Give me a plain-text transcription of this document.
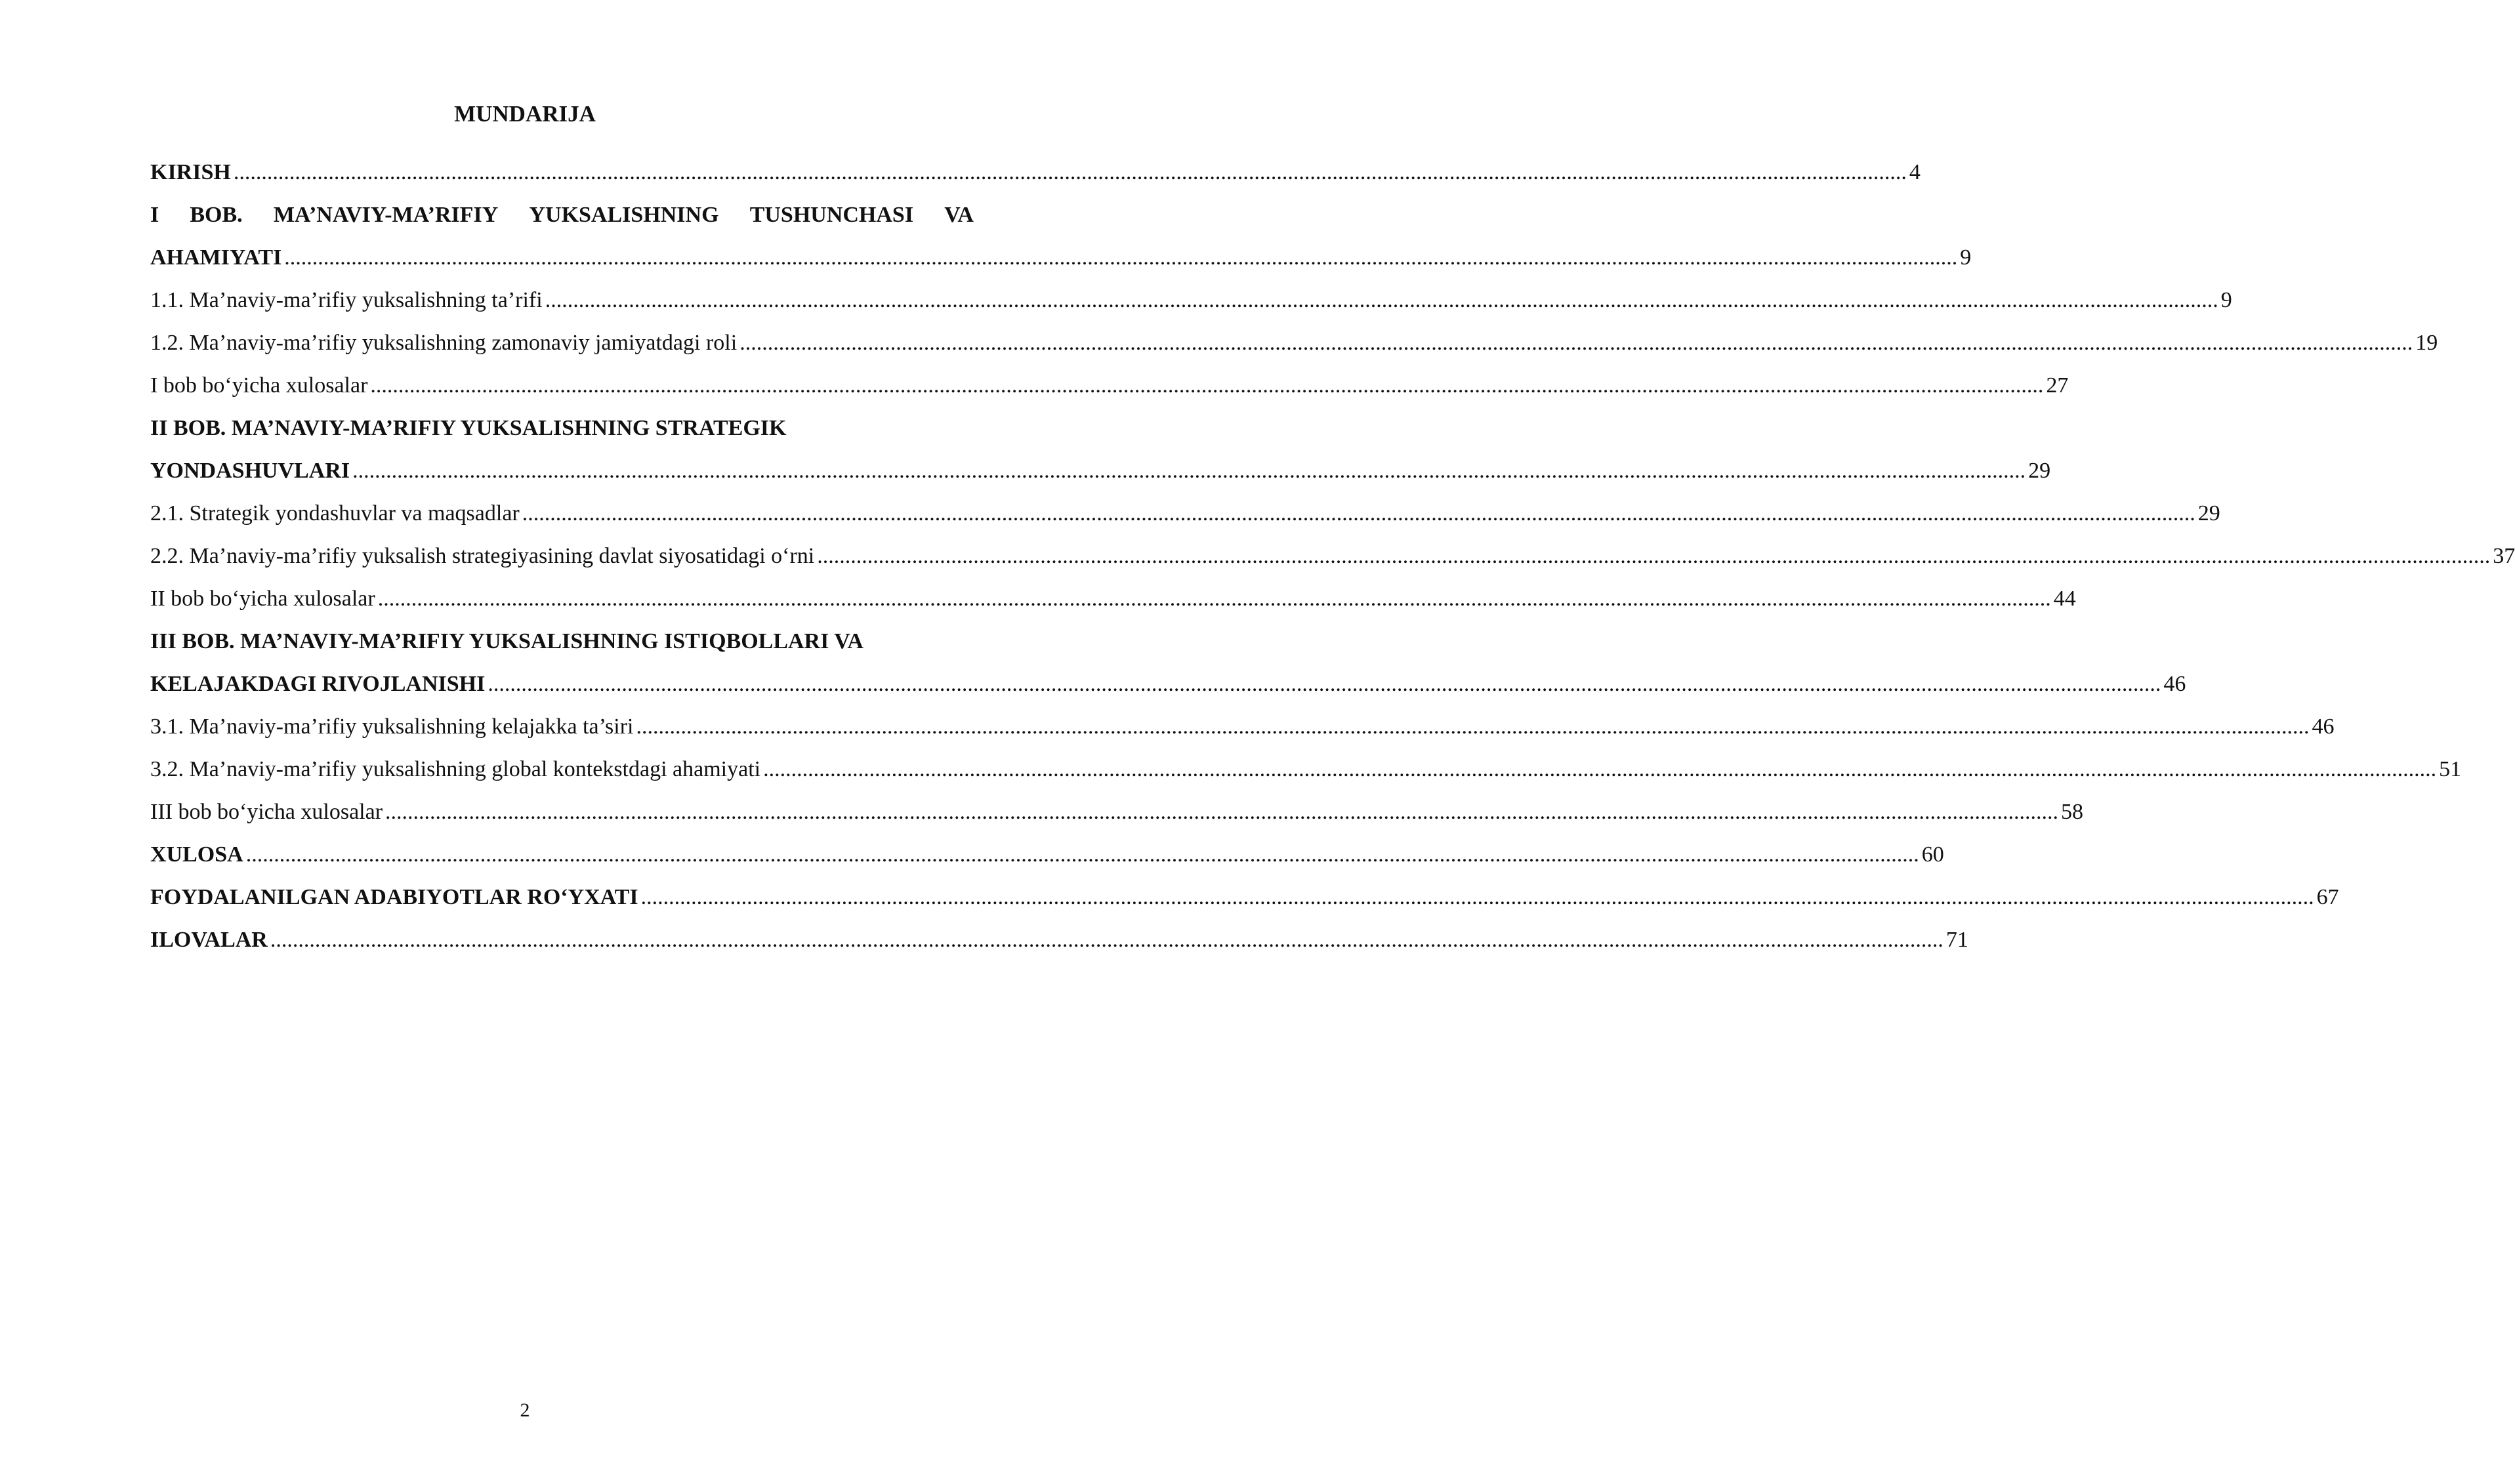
MUNDARIJA
KIRISH ............................................................................................................................................................................................................................................................................................................ 4
I BOB. MA’NAVIY-MA’RIFIY YUKSALISHNING TUSHUNCHASI VA
AHAMIYATI ............................................................................................................................................................................................................................................................................................................ 9
1.1. Ma’naviy-ma’rifiy yuksalishning ta’rifi ............................................................................................................................................................................................................................................................................................................ 9
1.2. Ma’naviy-ma’rifiy yuksalishning zamonaviy jamiyatdagi roli ............................................................................................................................................................................................................................................................................................................ 19
I bob bo‘yicha xulosalar ............................................................................................................................................................................................................................................................................................................ 27
II BOB. MA’NAVIY-MA’RIFIY YUKSALISHNING STRATEGIK
YONDASHUVLARI ............................................................................................................................................................................................................................................................................................................ 29
2.1. Strategik yondashuvlar va maqsadlar ............................................................................................................................................................................................................................................................................................................ 29
2.2. Ma’naviy-ma’rifiy yuksalish strategiyasining davlat siyosatidagi o‘rni ............................................................................................................................................................................................................................................................................................................ 37
II bob bo‘yicha xulosalar ............................................................................................................................................................................................................................................................................................................ 44
III BOB. MA’NAVIY-MA’RIFIY YUKSALISHNING ISTIQBOLLARI VA
KELAJAKDAGI RIVOJLANISHI ............................................................................................................................................................................................................................................................................................................ 46
3.1. Ma’naviy-ma’rifiy yuksalishning kelajakka ta’siri ............................................................................................................................................................................................................................................................................................................ 46
3.2. Ma’naviy-ma’rifiy yuksalishning global kontekstdagi ahamiyati ............................................................................................................................................................................................................................................................................................................ 51
III bob bo‘yicha xulosalar ............................................................................................................................................................................................................................................................................................................ 58
XULOSA ............................................................................................................................................................................................................................................................................................................ 60
FOYDALANILGAN ADABIYOTLAR RO‘YXATI ............................................................................................................................................................................................................................................................................................................ 67
ILOVALAR ............................................................................................................................................................................................................................................................................................................ 71
2
